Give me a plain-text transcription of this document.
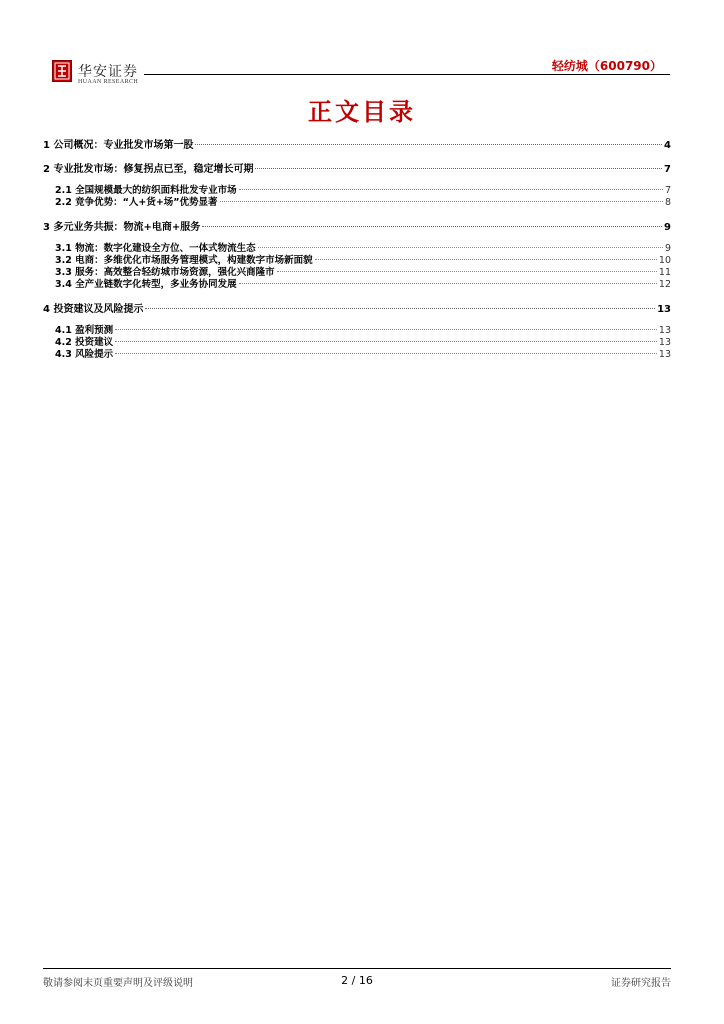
华安证券
HUAAN RESEARCH
轻纺城（600790）
正文目录
1 公司概况：专业批发市场第一股	4
2 专业批发市场：修复拐点已至，稳定增长可期	7
2.1 全国规模最大的纺织面料批发专业市场	7
2.2 竞争优势：“人+货+场”优势显著	8
3 多元业务共振：物流+电商+服务	9
3.1 物流：数字化建设全方位、一体式物流生态	9
3.2 电商：多维优化市场服务管理模式，构建数字市场新面貌	10
3.3 服务：高效整合轻纺城市场资源，强化兴商隆市	11
3.4 全产业链数字化转型，多业务协同发展	12
4 投资建议及风险提示	13
4.1 盈利预测	13
4.2 投资建议	13
4.3 风险提示	13
敬请参阅末页重要声明及评级说明	2 / 16	证券研究报告
